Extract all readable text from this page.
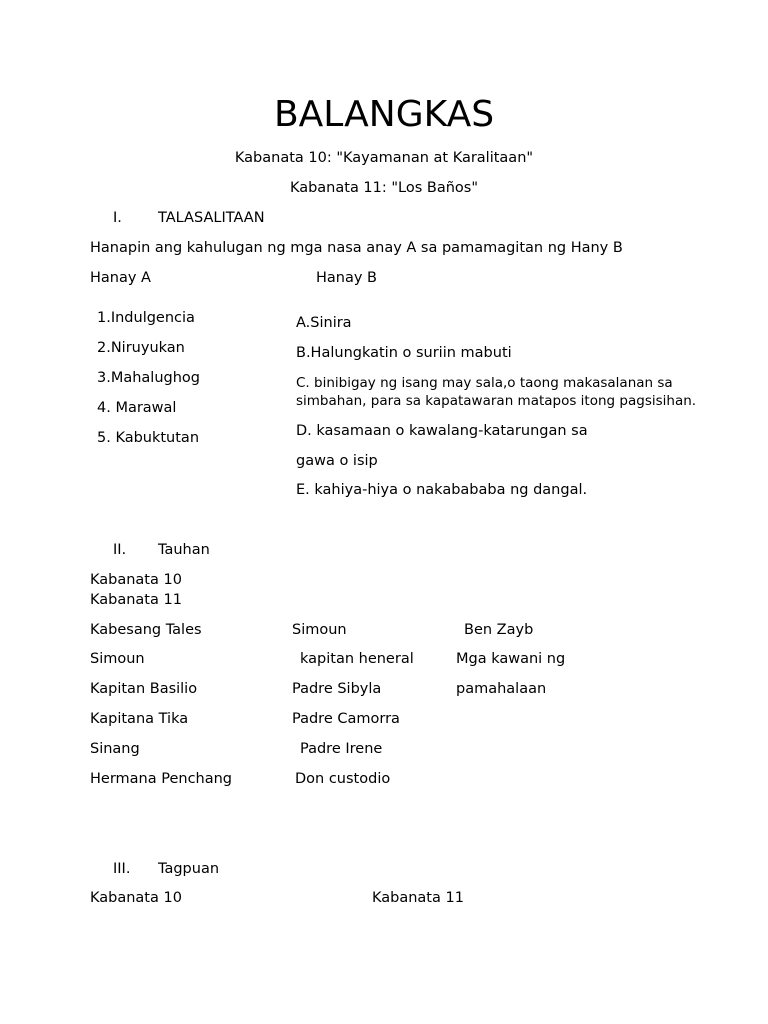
BALANGKAS
Kabanata 10: "Kayamanan at Karalitaan"
Kabanata 11: "Los Baños"
I. TALASALITAAN
Hanapin ang kahulugan ng mga nasa anay A sa pamamagitan ng Hany B
Hanay A	Hanay B
1.Indulgencia
2.Niruyukan
3.Mahalughog
4. Marawal
5. Kabuktutan
A.Sinira
B.Halungkatin o suriin mabuti
C. binibigay ng isang may sala,o taong makasalanan sa
simbahan, para sa kapatawaran matapos itong pagsisihan.
D. kasamaan o kawalang-katarungan sa
gawa o isip
E. kahiya-hiya o nakabababa ng dangal.
II. Tauhan
Kabanata 10
Kabanata 11
Kabesang Tales
Simoun
Kapitan Basilio
Kapitana Tika
Sinang
Hermana Penchang
Simoun
kapitan heneral
Padre Sibyla
Padre Camorra
Padre Irene
Don custodio
Ben Zayb
Mga kawani ng
pamahalaan
III. Tagpuan
Kabanata 10	Kabanata 11
